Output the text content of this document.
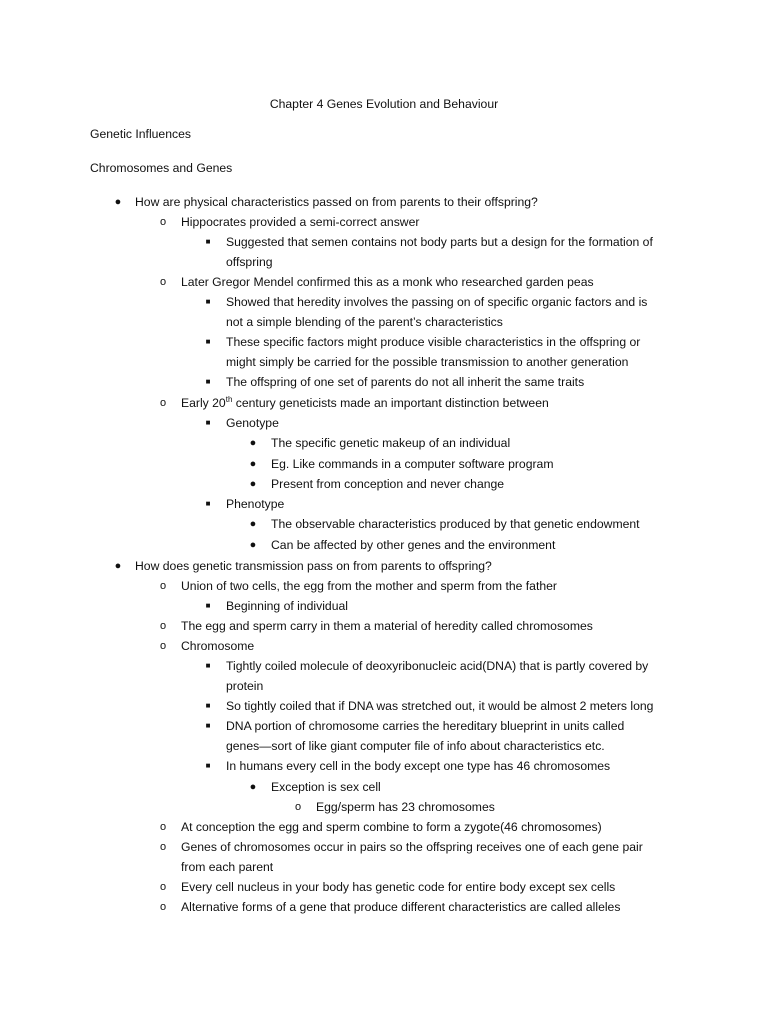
Chapter 4 Genes Evolution and Behaviour
Genetic Influences
Chromosomes and Genes
● How are physical characteristics passed on from parents to their offspring?
o Hippocrates provided a semi-correct answer
■ Suggested that semen contains not body parts but a design for the formation of
offspring
o Later Gregor Mendel confirmed this as a monk who researched garden peas
■ Showed that heredity involves the passing on of specific organic factors and is
not a simple blending of the parent’s characteristics
■ These specific factors might produce visible characteristics in the offspring or
might simply be carried for the possible transmission to another generation
■ The offspring of one set of parents do not all inherit the same traits
o Early 20th century geneticists made an important distinction between
■ Genotype
● The specific genetic makeup of an individual
● Eg. Like commands in a computer software program
● Present from conception and never change
■ Phenotype
● The observable characteristics produced by that genetic endowment
● Can be affected by other genes and the environment
● How does genetic transmission pass on from parents to offspring?
o Union of two cells, the egg from the mother and sperm from the father
■ Beginning of individual
o The egg and sperm carry in them a material of heredity called chromosomes
o Chromosome
■ Tightly coiled molecule of deoxyribonucleic acid(DNA) that is partly covered by
protein
■ So tightly coiled that if DNA was stretched out, it would be almost 2 meters long
■ DNA portion of chromosome carries the hereditary blueprint in units called
genes—sort of like giant computer file of info about characteristics etc.
■ In humans every cell in the body except one type has 46 chromosomes
● Exception is sex cell
o Egg/sperm has 23 chromosomes
o At conception the egg and sperm combine to form a zygote(46 chromosomes)
o Genes of chromosomes occur in pairs so the offspring receives one of each gene pair
from each parent
o Every cell nucleus in your body has genetic code for entire body except sex cells
o Alternative forms of a gene that produce different characteristics are called alleles
